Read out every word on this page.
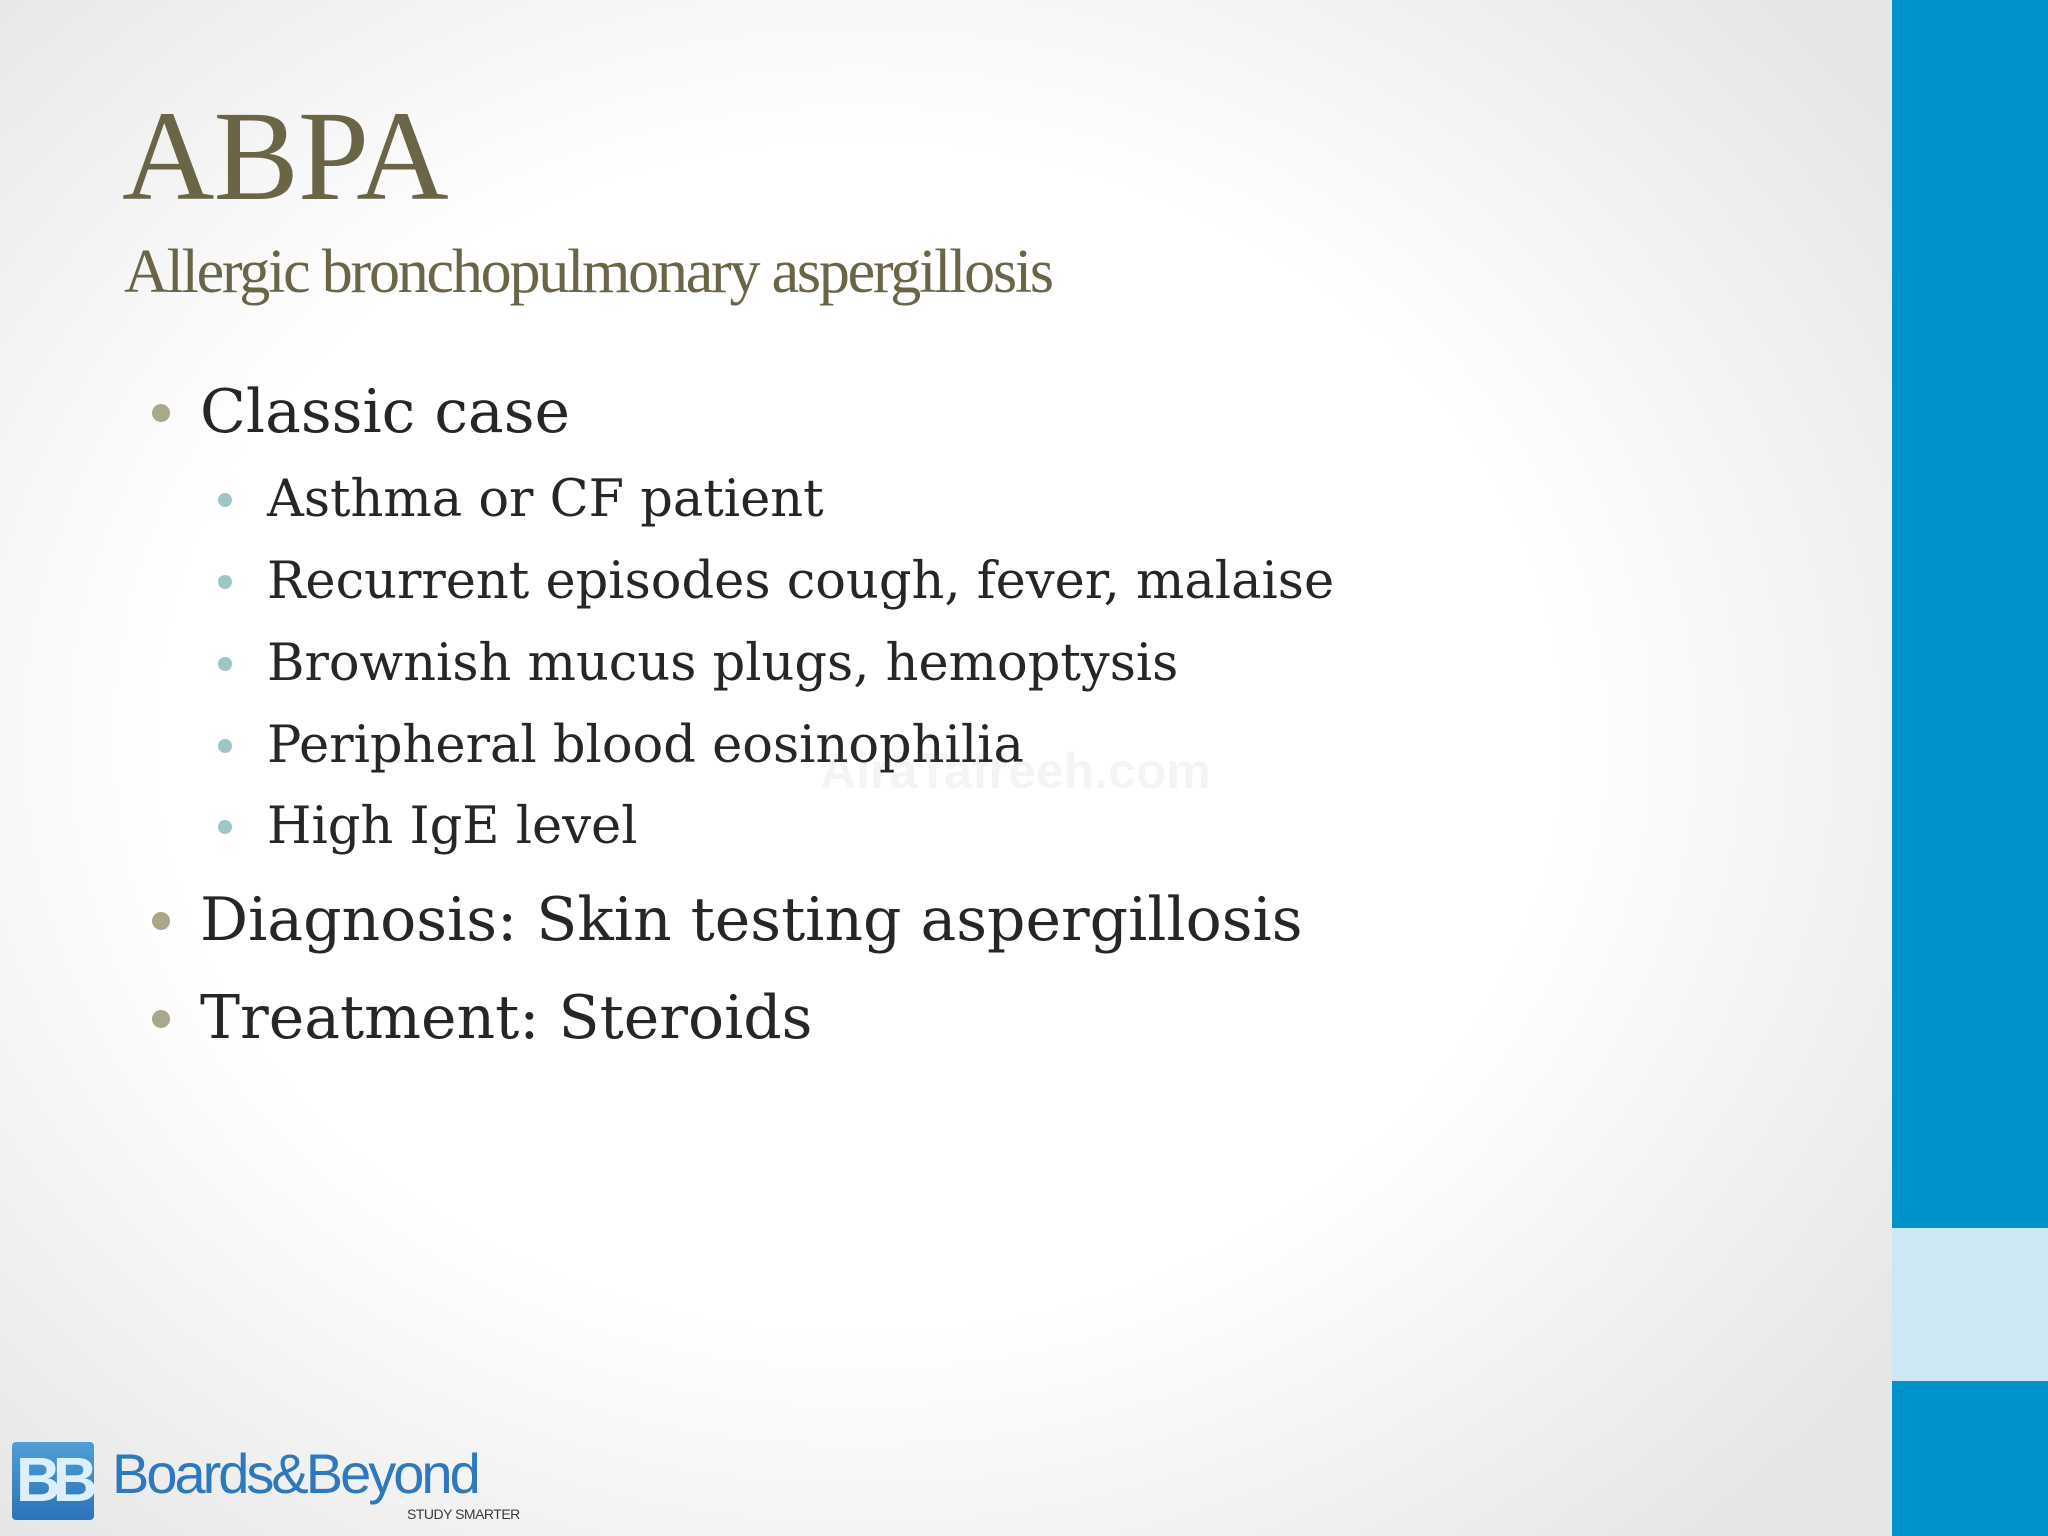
ABPA
Allergic bronchopulmonary aspergillosis
Classic case
Asthma or CF patient
Recurrent episodes cough, fever, malaise
Brownish mucus plugs, hemoptysis
Peripheral blood eosinophilia
High IgE level
Diagnosis: Skin testing aspergillosis
Treatment: Steroids
AiraTafreeh.com
BB Boards&Beyond
STUDY SMARTER
